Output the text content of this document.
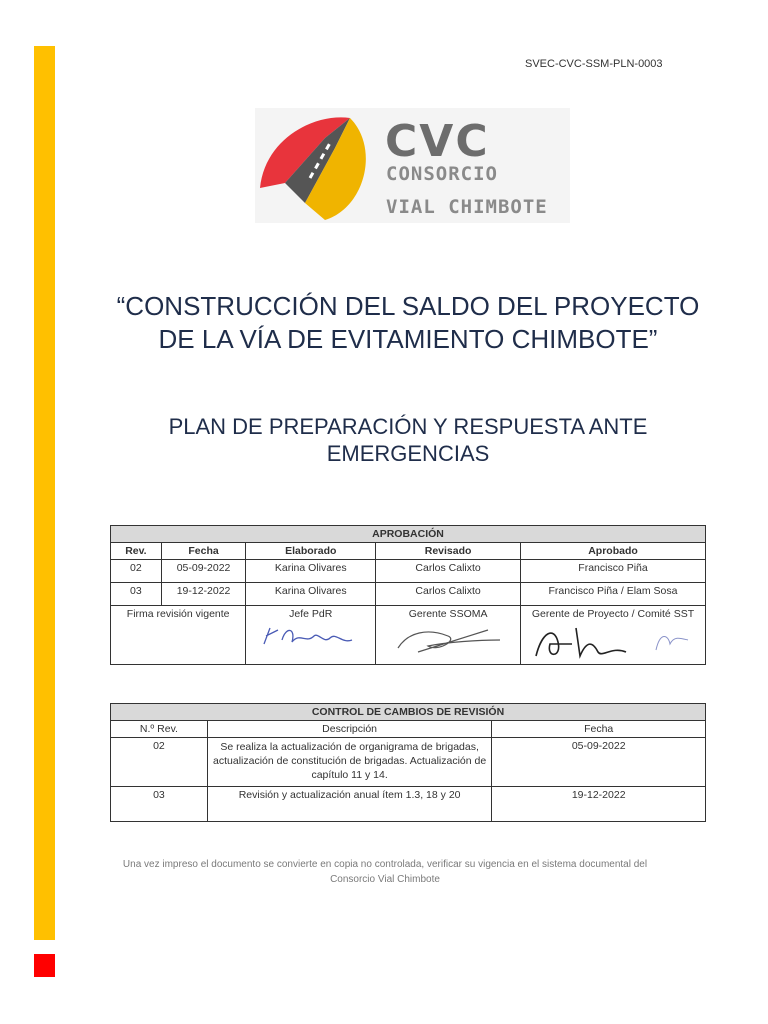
SVEC-CVC-SSM-PLN-0003
CVC
CONSORCIO
VIAL CHIMBOTE
“CONSTRUCCIÓN DEL SALDO DEL PROYECTO DE LA VÍA DE EVITAMIENTO CHIMBOTE”
PLAN DE PREPARACIÓN Y RESPUESTA ANTE EMERGENCIAS
APROBACIÓN				
Rev.	Fecha	Elaborado	Revisado	Aprobado
02	05-09-2022	Karina Olivares	Carlos Calixto	Francisco Piña
03	19-12-2022	Karina Olivares	Carlos Calixto	Francisco Piña / Elam Sosa
Firma revisión vigente		Jefe PdR	Gerente SSOMA	Gerente de Proyecto / Comité SST
CONTROL DE CAMBIOS DE REVISIÓN		
N.º Rev.	Descripción	Fecha
02	Se realiza la actualización de organigrama de brigadas, actualización de constitución de brigadas. Actualización de capítulo 11 y 14.	05-09-2022
03	Revisión y actualización anual ítem 1.3, 18 y 20	19-12-2022
Una vez impreso el documento se convierte en copia no controlada, verificar su vigencia en el sistema documental del Consorcio Vial Chimbote
